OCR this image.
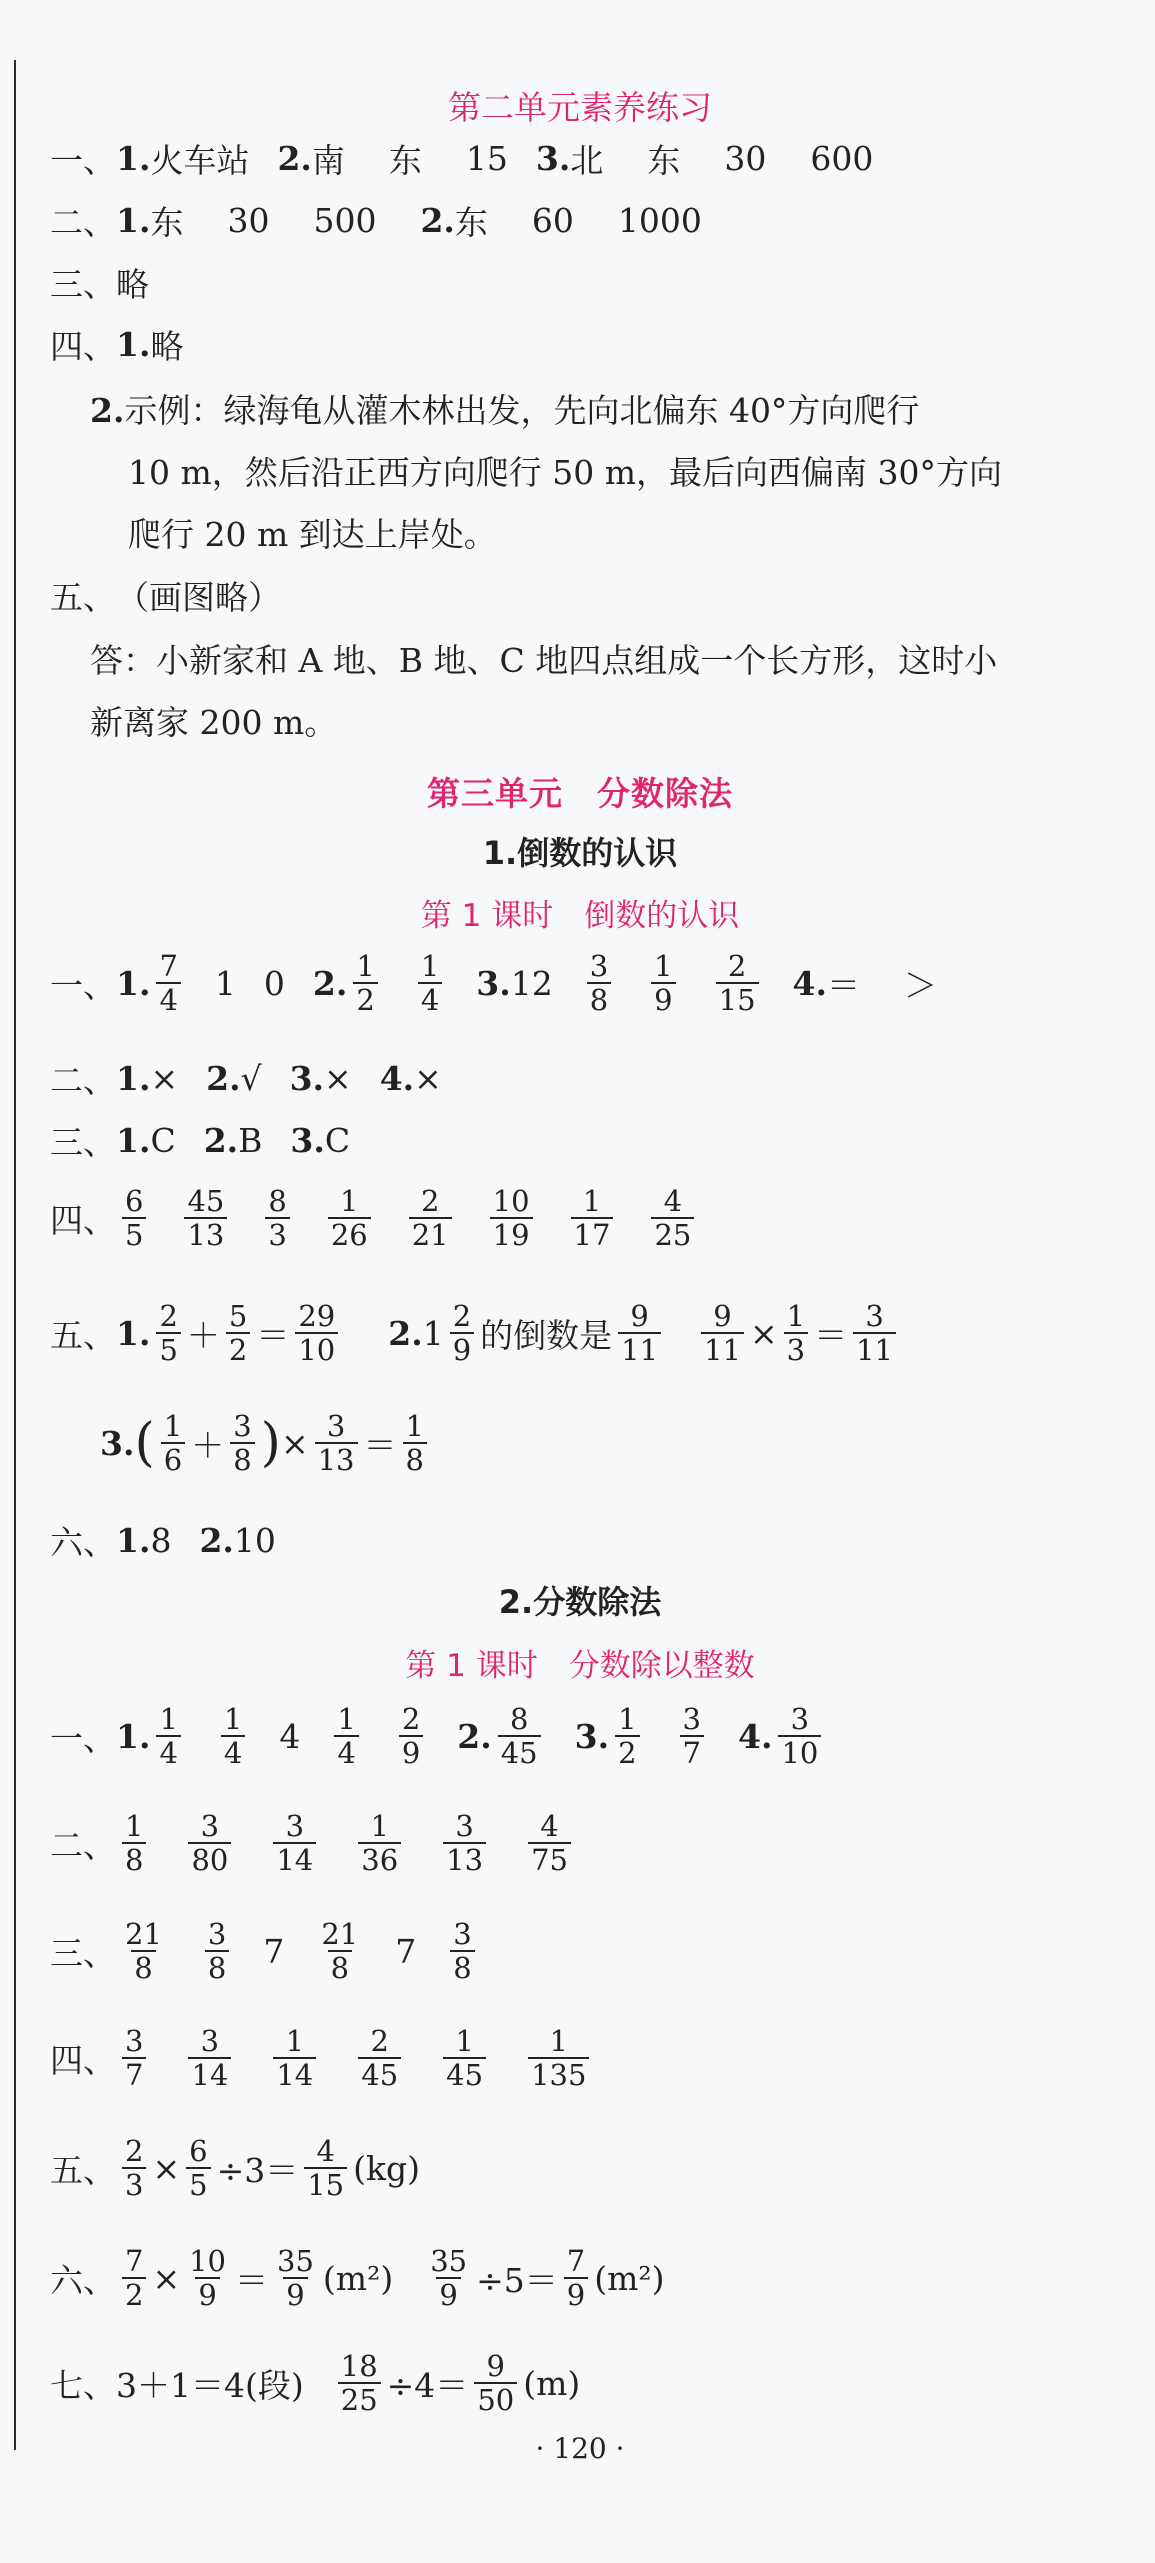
第二单元素养练习
一、 1. 火车站 2. 南 东 15 3. 北 东 30 600
二、 1. 东 30 500 2. 东 60 1000
三、 略
四、 1. 略
2.示例：绿海龟从灌木林出发，先向北偏东 40°方向爬行
10 m，然后沿正西方向爬行 50 m，最后向西偏南 30°方向
爬行 20 m 到达上岸处。
五、 （画图略）
答：小新家和 A 地、B 地、C 地四点组成一个长方形，这时小
新离家 200 m。
第三单元　分数除法
1.倒数的认识
第 1 课时　倒数的认识
一、 1. $\frac{7}{4} 1$ 0 2. $\frac{1}{2} \frac{1}{4} 3$. $12 \frac{3}{8} \frac{1}{9} \frac{2}{15} 4$. ＝ ＞
二、 1. × 2. √ 3. × 4. ×
三、 1. C 2. B 3. C
四、 $\frac{6}{5} \frac{45}{13} \frac{8}{3} \frac{1}{26} \frac{2}{21} \frac{10}{19} \frac{1}{17} \frac{4}{25}$
五、 1. $\frac{2}{5} + \frac{5}{2} = \frac{29}{10} 2$. $1 \frac{2}{9}$ 的倒数是 $\frac{9}{11} \frac{9}{11} \times \frac{1}{3} = \frac{3}{11}$
3. ( $\frac{1}{6} + \frac{3}{8}$ ) × $\frac{3}{13} = \frac{1}{8}$
六、 1. 8 2. 10
2.分数除法
第 1 课时　分数除以整数
一、 1. $\frac{1}{4} \frac{1}{4} 4 \frac{1}{4} \frac{2}{9} 2$. $\frac{8}{45} 3$. $\frac{1}{2} \frac{3}{7} 4$. $\frac{3}{10}$
二、 $\frac{1}{8} \frac{3}{80} \frac{3}{14} \frac{1}{36} \frac{3}{13} \frac{4}{75}$
三、 $\frac{21}{8} \frac{3}{8} 7 \frac{21}{8} 7 \frac{3}{8}$
四、 $\frac{3}{7} \frac{3}{14} \frac{1}{14} \frac{2}{45} \frac{1}{45} \frac{1}{135}$
五、 $\frac{2}{3} \times \frac{6}{5} \div 3= \frac{4}{15} (kg)$
六、 $\frac{7}{2} \times \frac{10}{9} = \frac{35}{9} (m^2) \frac{35}{9} \div 5= \frac{7}{9} (m^2)$
七、 3＋1＝4(段) $\frac{18}{25} \div 4= \frac{9}{50} (m)$
· 120 ·
